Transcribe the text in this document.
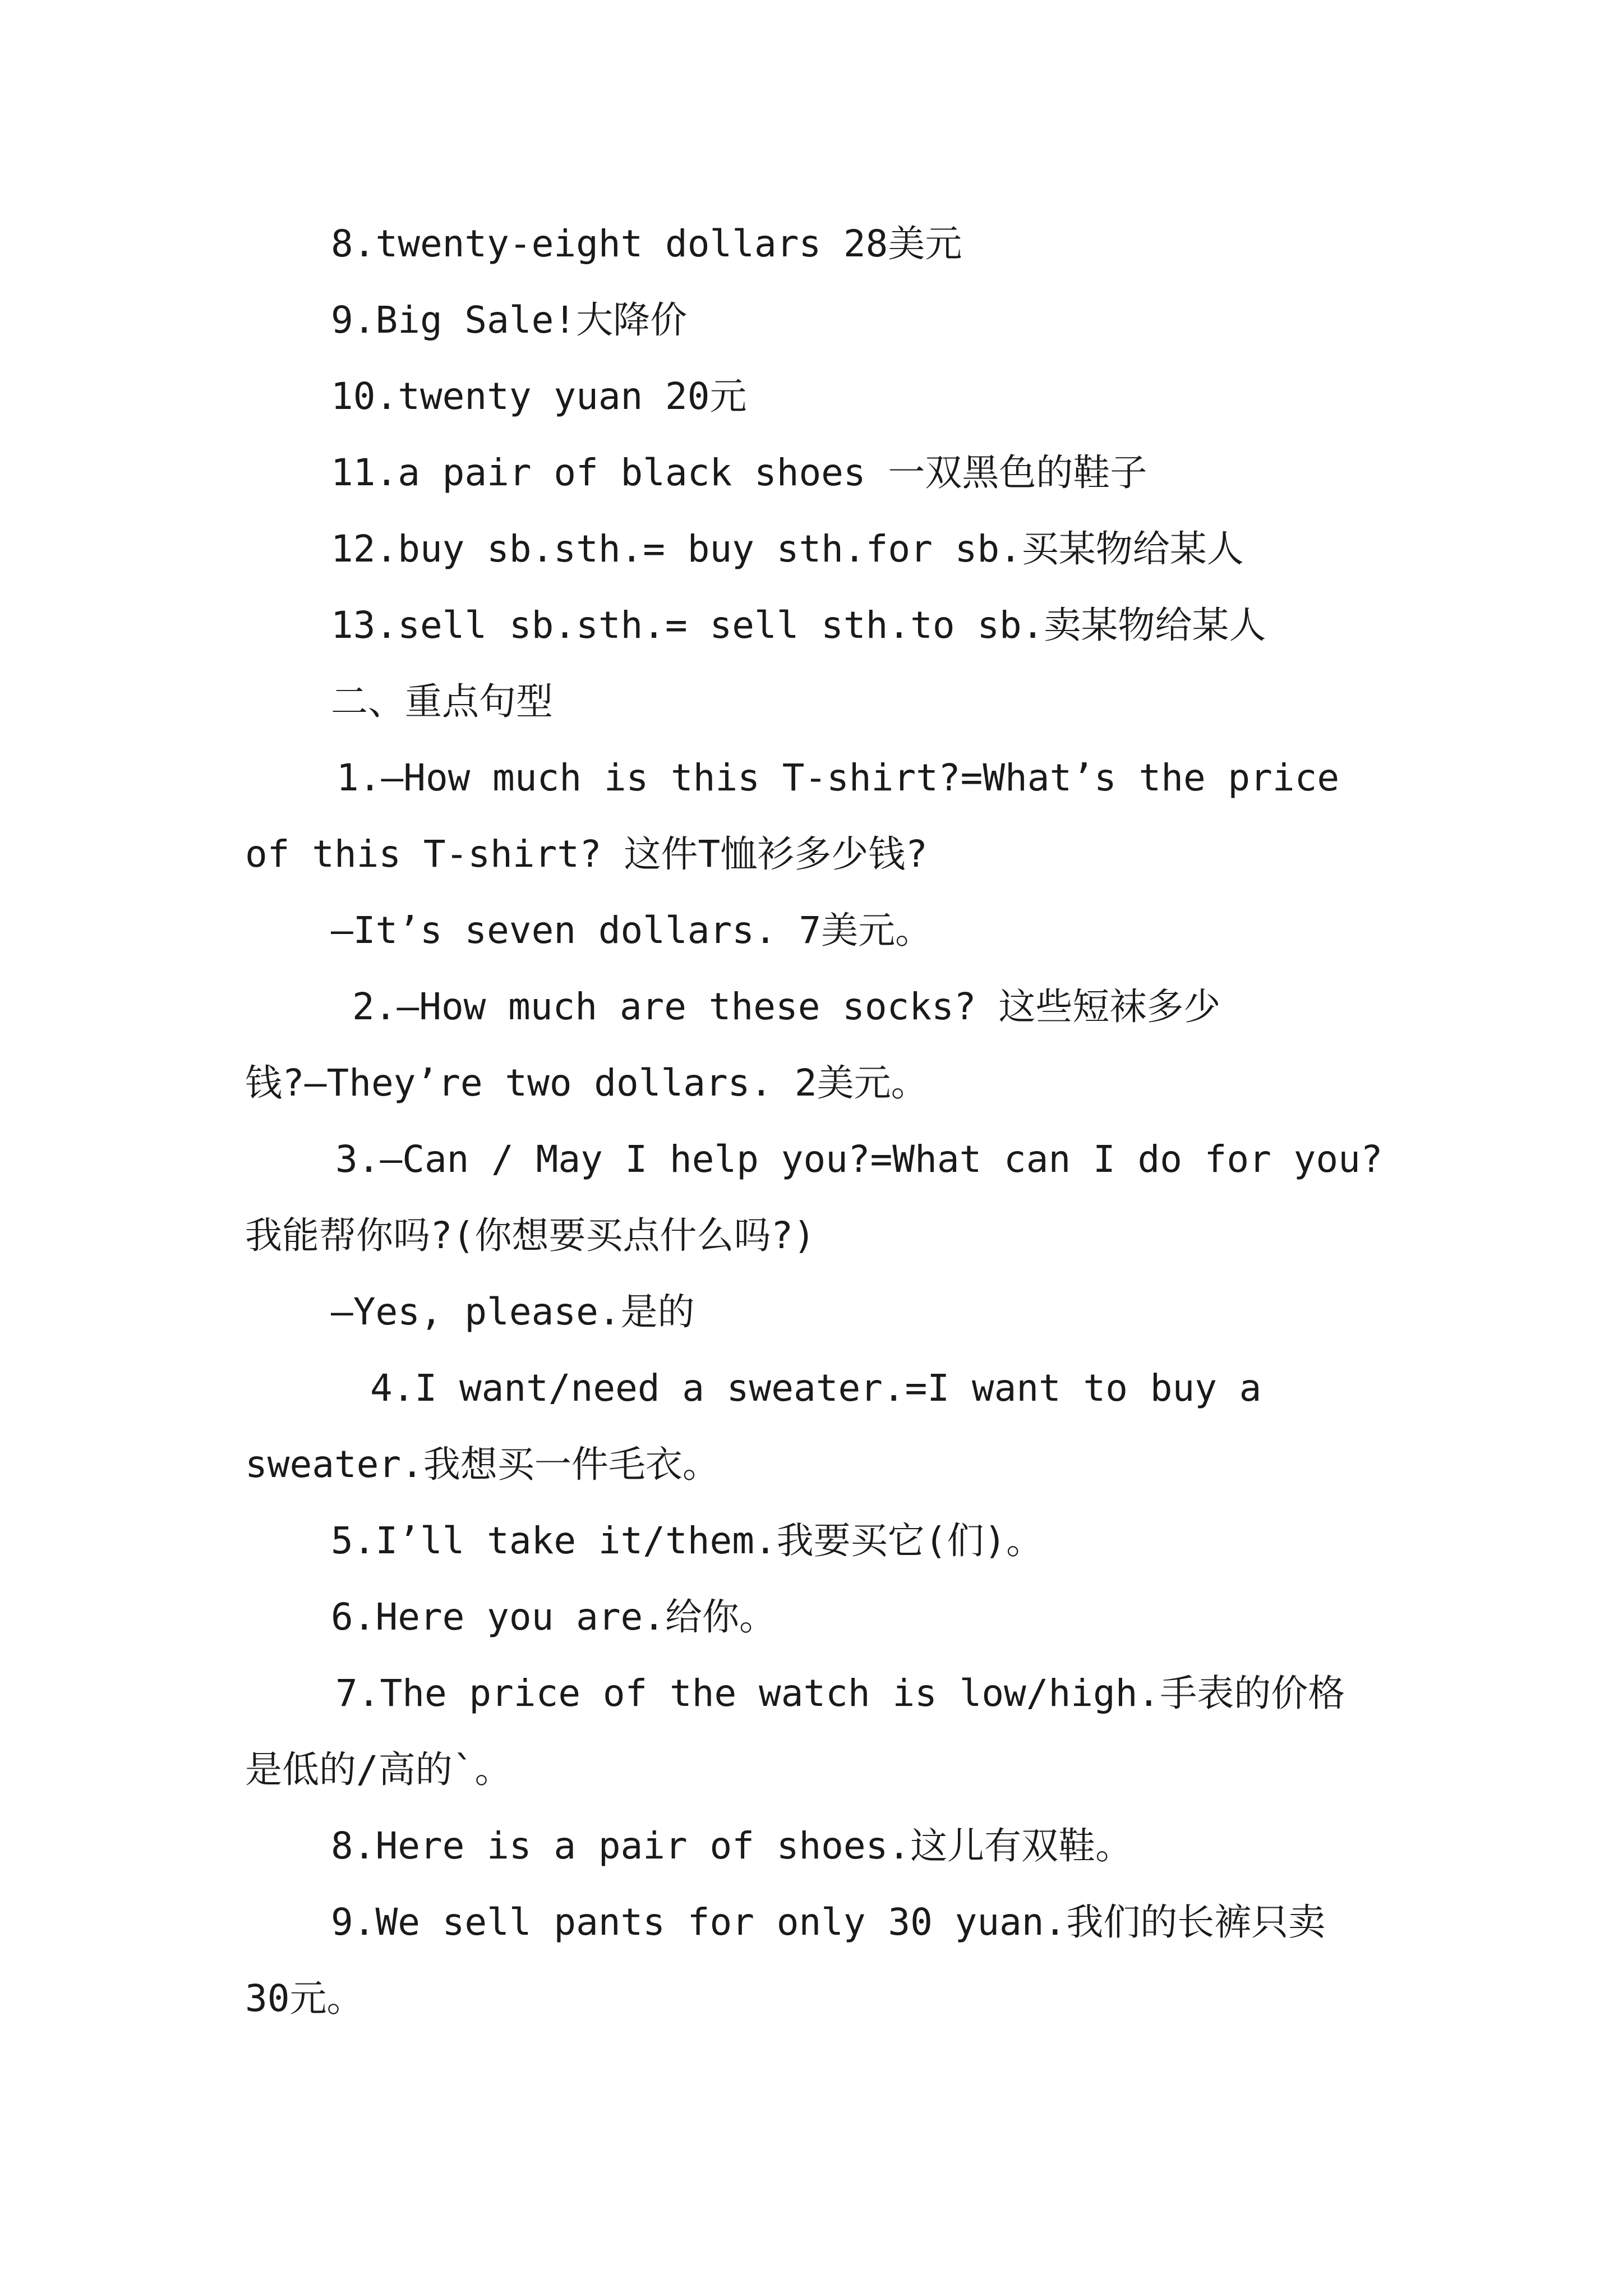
8.twenty-eight dollars 28美元
9.Big Sale!大降价
10.twenty yuan 20元
11.a pair of black shoes 一双黑色的鞋子
12.buy sb.sth.= buy sth.for sb.买某物给某人
13.sell sb.sth.= sell sth.to sb.卖某物给某人
二、重点句型
1.—How much is this T-shirt?=What’s the price
of this T-shirt? 这件T恤衫多少钱?
—It’s seven dollars. 7美元。
2.—How much are these socks? 这些短袜多少
钱?—They’re two dollars. 2美元。
3.—Can / May I help you?=What can I do for you?
我能帮你吗?(你想要买点什么吗?)
—Yes, please.是的
4.I want/need a sweater.=I want to buy a
sweater.我想买一件毛衣。
5.I’ll take it/them.我要买它(们)。
6.Here you are.给你。
7.The price of the watch is low/high.手表的价格
是低的/高的`。
8.Here is a pair of shoes.这儿有双鞋。
9.We sell pants for only 30 yuan.我们的长裤只卖
30元。
